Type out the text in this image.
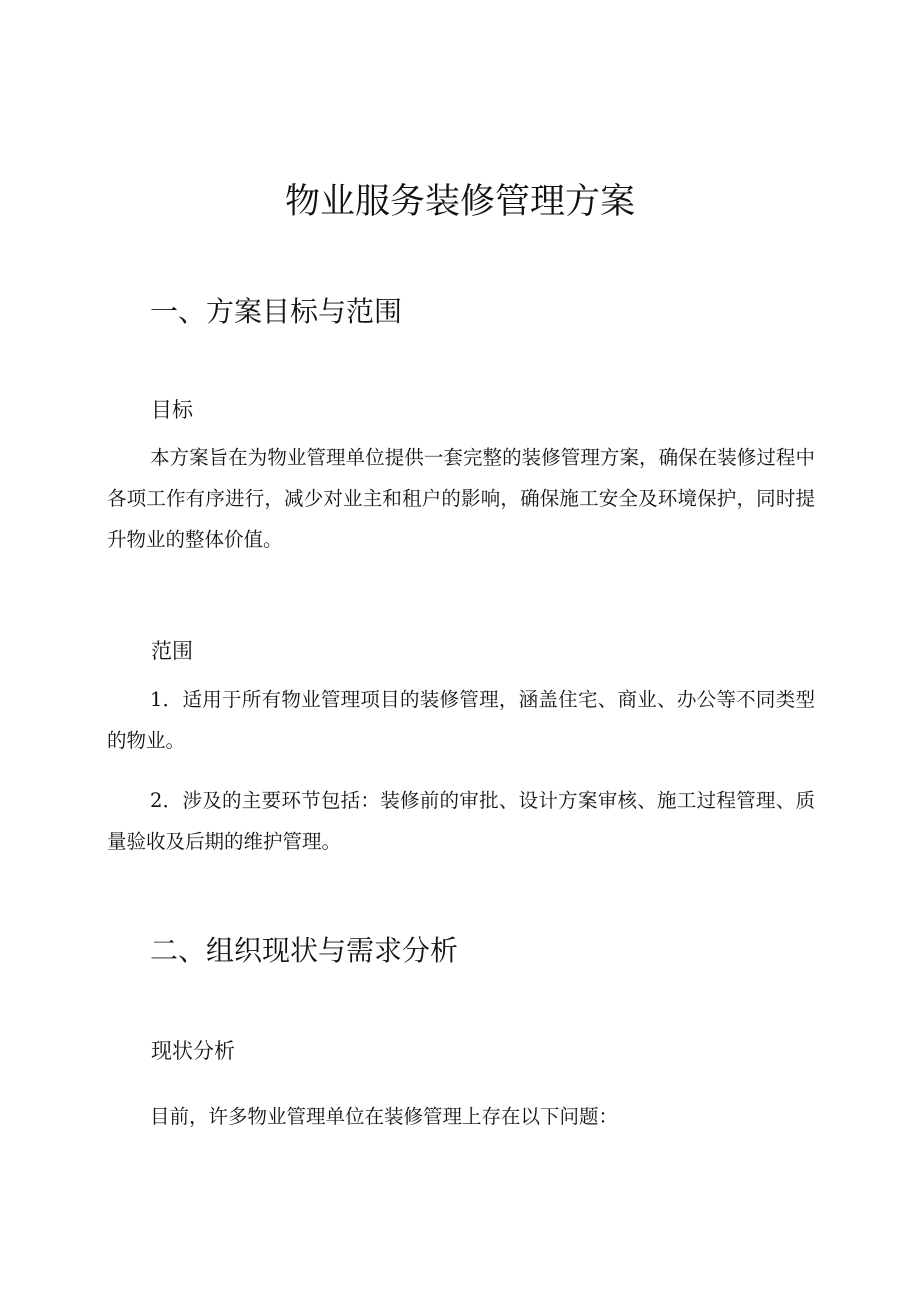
物业服务装修管理方案
一、方案目标与范围
目标

本方案旨在为物业管理单位提供一套完整的装修管理方案，确保在装修过程中各项工作有序进行，减少对业主和租户的影响，确保施工安全及环境保护，同时提升物业的整体价值。

范围

1．适用于所有物业管理项目的装修管理，涵盖住宅、商业、办公等不同类型的物业。

2．涉及的主要环节包括：装修前的审批、设计方案审核、施工过程管理、质量验收及后期的维护管理。

二、组织现状与需求分析
现状分析

目前，许多物业管理单位在装修管理上存在以下问题：
